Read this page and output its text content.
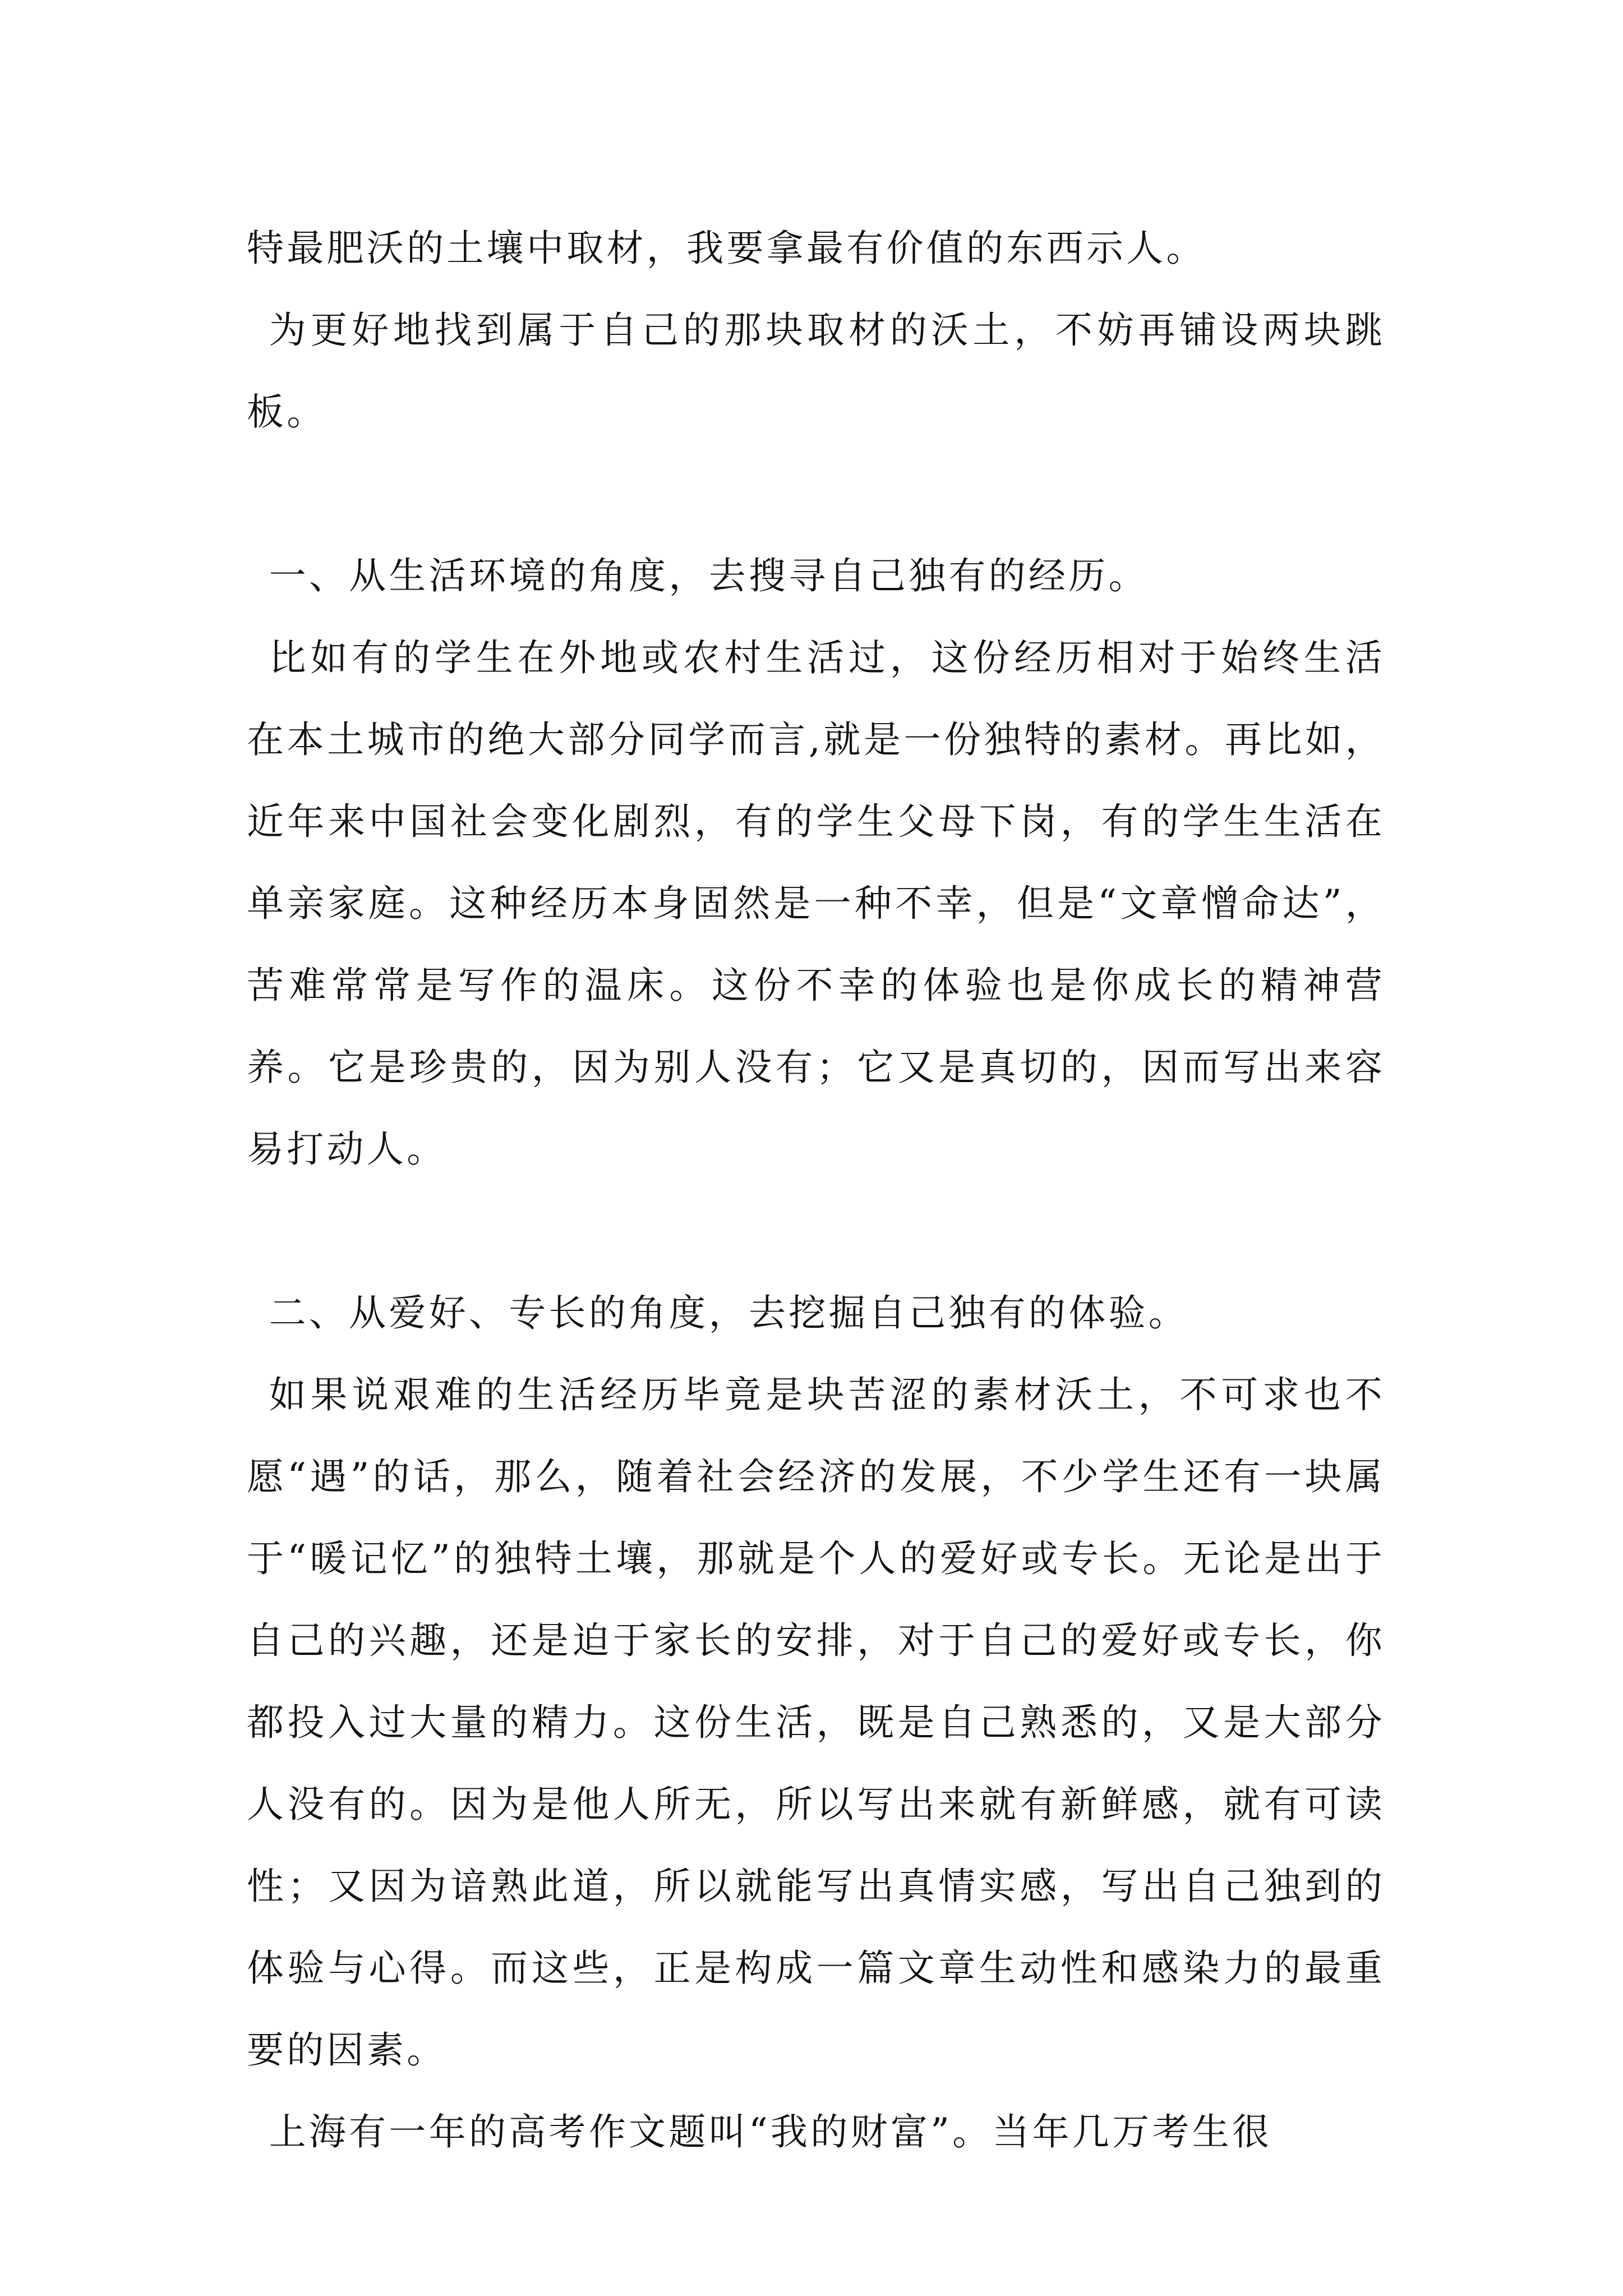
特最肥沃的土壤中取材，我要拿最有价值的东西示人。

为更好地找到属于自己的那块取材的沃土，不妨再铺设两块跳板。

一、从生活环境的角度，去搜寻自己独有的经历。

比如有的学生在外地或农村生活过，这份经历相对于始终生活在本土城市的绝大部分同学而言,就是一份独特的素材。再比如，近年来中国社会变化剧烈，有的学生父母下岗，有的学生生活在单亲家庭。这种经历本身固然是一种不幸，但是“文章憎命达”，苦难常常是写作的温床。这份不幸的体验也是你成长的精神营养。它是珍贵的，因为别人没有；它又是真切的，因而写出来容易打动人。

二、从爱好、专长的角度，去挖掘自己独有的体验。

如果说艰难的生活经历毕竟是块苦涩的素材沃土，不可求也不愿“遇”的话，那么，随着社会经济的发展，不少学生还有一块属于“暖记忆”的独特土壤，那就是个人的爱好或专长。无论是出于自己的兴趣，还是迫于家长的安排，对于自己的爱好或专长，你都投入过大量的精力。这份生活，既是自己熟悉的，又是大部分人没有的。因为是他人所无，所以写出来就有新鲜感，就有可读性；又因为谙熟此道，所以就能写出真情实感，写出自己独到的体验与心得。而这些，正是构成一篇文章生动性和感染力的最重要的因素。

上海有一年的高考作文题叫“我的财富”。当年几万考生很
